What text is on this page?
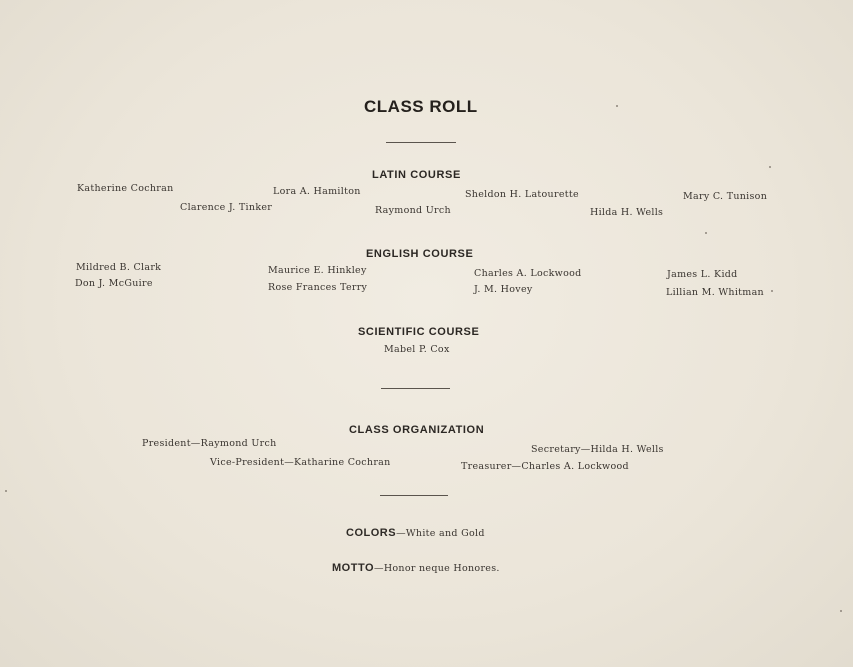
CLASS ROLL
LATIN COURSE
Katherine Cochran
Clarence J. Tinker
Lora A. Hamilton
Raymond Urch
Sheldon H. Latourette
Hilda H. Wells
Mary C. Tunison
ENGLISH COURSE
Mildred B. Clark
Don J. McGuire
Maurice E. Hinkley
Rose Frances Terry
Charles A. Lockwood
J. M. Hovey
James L. Kidd
Lillian M. Whitman
SCIENTIFIC COURSE
Mabel P. Cox
CLASS ORGANIZATION
President—Raymond Urch
Vice-President—Katharine Cochran
Secretary—Hilda H. Wells
Treasurer—Charles A. Lockwood
COLORS—White and Gold
MOTTO—Honor neque Honores.
